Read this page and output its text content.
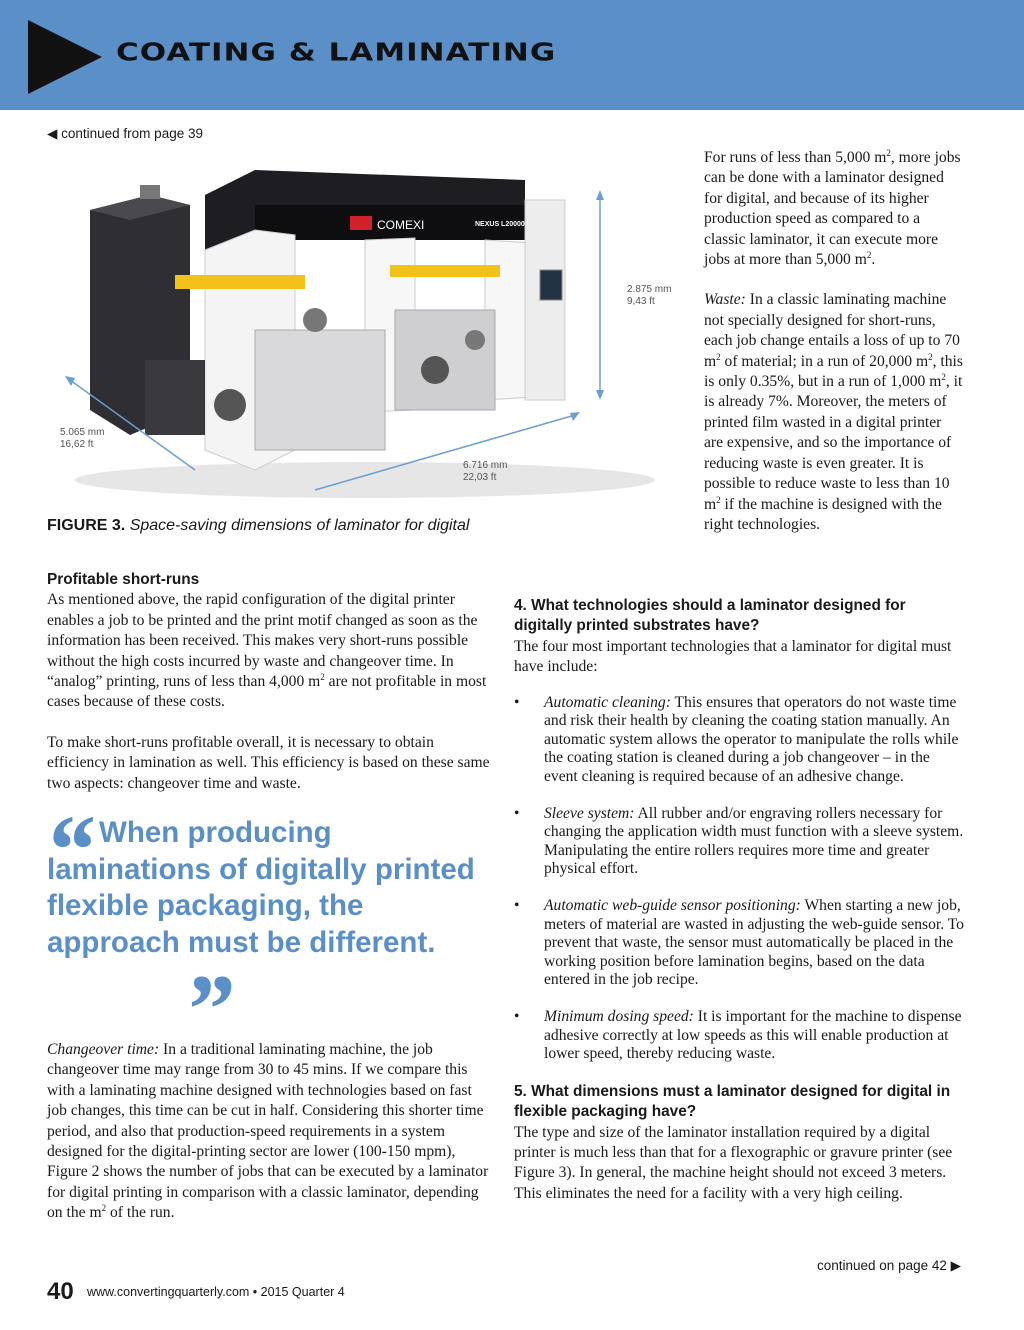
COATING & LAMINATING
◀ continued from page 39
COMEXI	NEXUS L20000
2.875 mm
9,43 ft
5.065 mm
16,62 ft
6.716 mm
22,03 ft
FIGURE 3. Space-saving dimensions of laminator for digital
Profitable short-runs

As mentioned above, the rapid configuration of the digital printer enables a job to be printed and the print motif changed as soon as the information has been received. This makes very short-runs possible without the high costs incurred by waste and changeover time. In “analog” printing, runs of less than 4,000 $m^2$ are not profitable in most cases because of these costs.

To make short-runs profitable overall, it is necessary to obtain efficiency in lamination as well. This efficiency is based on these same two aspects: changeover time and waste.

“ When producing laminations of digitally printed flexible packaging, the approach must be different.
”

Changeover time: In a traditional laminating machine, the job changeover time may range from 30 to 45 mins. If we compare this with a laminating machine designed with technologies based on fast job changes, this time can be cut in half. Considering this shorter time period, and also that production-speed requirements in a system designed for the digital-printing sector are lower (100-150 mpm), Figure 2 shows the number of jobs that can be executed by a laminator for digital printing in comparison with a classic laminator, depending on the $m^2$ of the run.

For runs of less than 5,000 $m^2$, more jobs can be done with a laminator designed for digital, and because of its higher production speed as compared to a classic laminator, it can execute more jobs at more than 5,000 $m^2$.

Waste: In a classic laminating machine not specially designed for short-runs, each job change entails a loss of up to 70 $m^2$ of material; in a run of 20,000 $m^2$, this is only 0.35%, but in a run of 1,000 $m^2$, it is already 7%. Moreover, the meters of printed film wasted in a digital printer are expensive, and so the importance of reducing waste is even greater. It is possible to reduce waste to less than 10 $m^2$ if the machine is designed with the right technologies.

4. What technologies should a laminator designed for digitally printed substrates have?

The four most important technologies that a laminator for digital must have include:

• Automatic cleaning: This ensures that operators do not waste time and risk their health by cleaning the coating station manually. An automatic system allows the operator to manipulate the rolls while the coating station is cleaned during a job changeover – in the event cleaning is required because of an adhesive change.
• Sleeve system: All rubber and/or engraving rollers necessary for changing the application width must function with a sleeve system. Manipulating the entire rollers requires more time and greater physical effort.
• Automatic web-guide sensor positioning: When starting a new job, meters of material are wasted in adjusting the web-guide sensor. To prevent that waste, the sensor must automatically be placed in the working position before lamination begins, based on the data entered in the job recipe.
• Minimum dosing speed: It is important for the machine to dispense adhesive correctly at low speeds as this will enable production at lower speed, thereby reducing waste.
5. What dimensions must a laminator designed for digital in flexible packaging have?

The type and size of the laminator installation required by a digital printer is much less than that for a flexographic or gravure printer (see Figure 3). In general, the machine height should not exceed 3 meters. This eliminates the need for a facility with a very high ceiling.

continued on page 42 ▶
40 www.convertingquarterly.com • 2015 Quarter 4
